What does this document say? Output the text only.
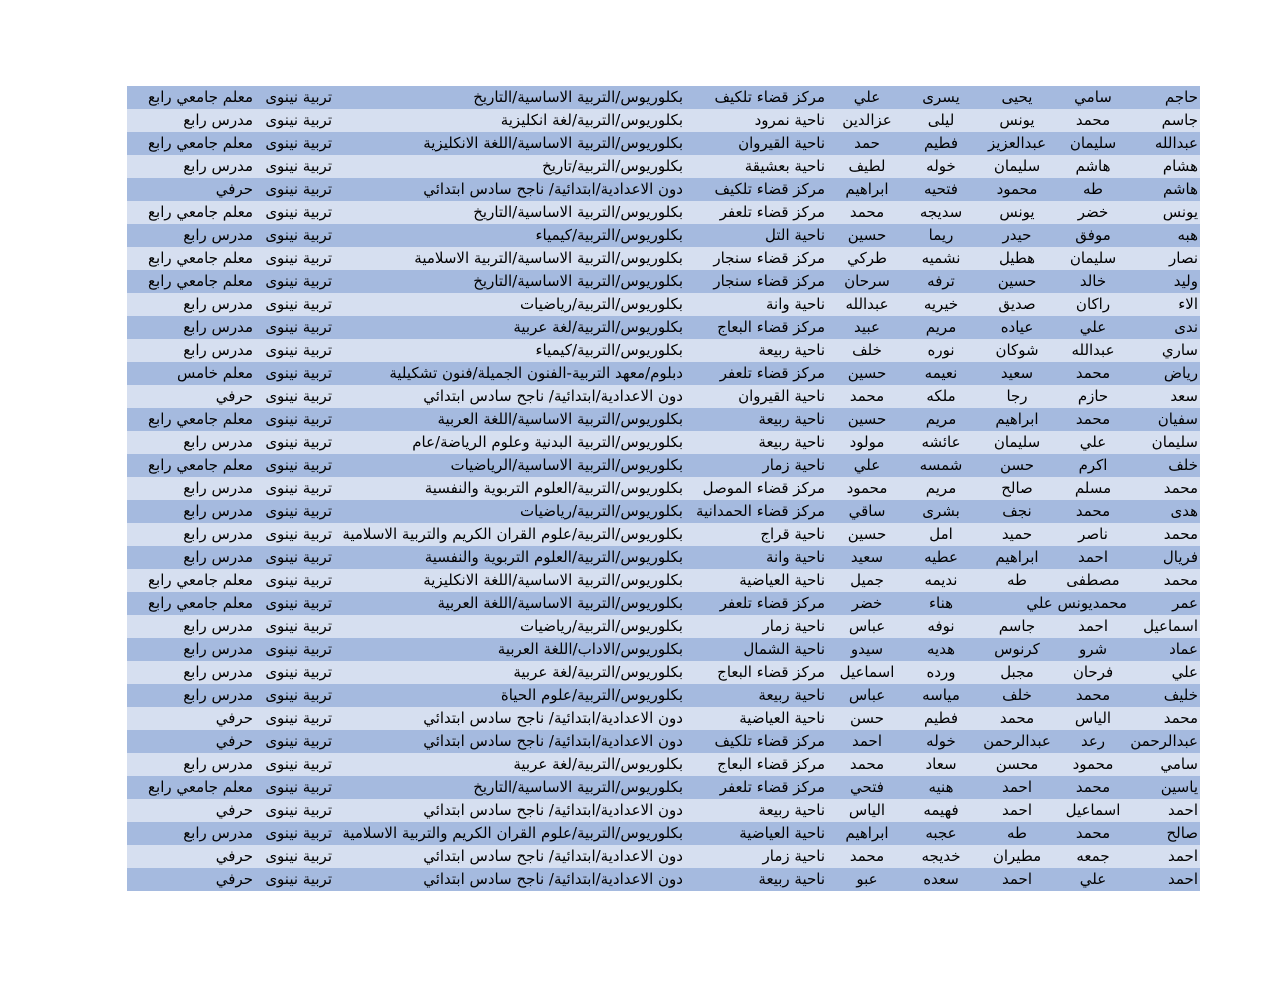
حاجم
سامي
يحيى
يسرى
علي
مركز قضاء تلكيف
بكلوريوس/التربية الاساسية/التاريخ
تربية نينوى
معلم جامعي رابع
جاسم
محمد
يونس
ليلى
عزالدين
ناحية نمرود
بكلوريوس/التربية/لغة انكليزية
تربية نينوى
مدرس رابع
عبدالله
سليمان
عبدالعزيز
فطيم
حمد
ناحية القيروان
بكلوريوس/التربية الاساسية/اللغة الانكليزية
تربية نينوى
معلم جامعي رابع
هشام
هاشم
سليمان
خوله
لطيف
ناحية بعشيقة
بكلوريوس/التربية/تاريخ
تربية نينوى
مدرس رابع
هاشم
طه
محمود
فتحيه
ابراهيم
مركز قضاء تلكيف
دون الاعدادية/ابتدائية/ ناجح سادس ابتدائي
تربية نينوى
حرفي
يونس
خضر
يونس
سديجه
محمد
مركز قضاء تلعفر
بكلوريوس/التربية الاساسية/التاريخ
تربية نينوى
معلم جامعي رابع
هبه
موفق
حيدر
ريما
حسين
ناحية التل
بكلوريوس/التربية/كيمياء
تربية نينوى
مدرس رابع
نصار
سليمان
هطيل
نشميه
طركي
مركز قضاء سنجار
بكلوريوس/التربية الاساسية/التربية الاسلامية
تربية نينوى
معلم جامعي رابع
وليد
خالد
حسين
ترفه
سرحان
مركز قضاء سنجار
بكلوريوس/التربية الاساسية/التاريخ
تربية نينوى
معلم جامعي رابع
الاء
راكان
صديق
خيريه
عبدالله
ناحية وانة
بكلوريوس/التربية/رياضيات
تربية نينوى
مدرس رابع
ندى
علي
عياده
مريم
عبيد
مركز قضاء البعاج
بكلوريوس/التربية/لغة عربية
تربية نينوى
مدرس رابع
ساري
عبدالله
شوكان
نوره
خلف
ناحية ربيعة
بكلوريوس/التربية/كيمياء
تربية نينوى
مدرس رابع
رياض
محمد
سعيد
نعيمه
حسين
مركز قضاء تلعفر
دبلوم/معهد التربية-الفنون الجميلة/فنون تشكيلية
تربية نينوى
معلم خامس
سعد
حازم
رجا
ملكه
محمد
ناحية القيروان
دون الاعدادية/ابتدائية/ ناجح سادس ابتدائي
تربية نينوى
حرفي
سفيان
محمد
ابراهيم
مريم
حسين
ناحية ربيعة
بكلوريوس/التربية الاساسية/اللغة العربية
تربية نينوى
معلم جامعي رابع
سليمان
علي
سليمان
عائشه
مولود
ناحية ربيعة
بكلوريوس/التربية البدنية وعلوم الرياضة/عام
تربية نينوى
مدرس رابع
خلف
اكرم
حسن
شمسه
علي
ناحية زمار
بكلوريوس/التربية الاساسية/الرياضيات
تربية نينوى
معلم جامعي رابع
محمد
مسلم
صالح
مريم
محمود
مركز قضاء الموصل
بكلوريوس/التربية/العلوم التربوية والنفسية
تربية نينوى
مدرس رابع
هدى
محمد
نجف
بشرى
ساقي
مركز قضاء الحمدانية
بكلوريوس/التربية/رياضيات
تربية نينوى
مدرس رابع
محمد
ناصر
حميد
امل
حسين
ناحية قراج
بكلوريوس/التربية/علوم القران الكريم والتربية الاسلامية
تربية نينوى
مدرس رابع
فريال
احمد
ابراهيم
عطيه
سعيد
ناحية وانة
بكلوريوس/التربية/العلوم التربوية والنفسية
تربية نينوى
مدرس رابع
محمد
مصطفى
طه
نديمه
جميل
ناحية العياضية
بكلوريوس/التربية الاساسية/اللغة الانكليزية
تربية نينوى
معلم جامعي رابع
عمر
محمديونس علي
هناء
خضر
مركز قضاء تلعفر
بكلوريوس/التربية الاساسية/اللغة العربية
تربية نينوى
معلم جامعي رابع
اسماعيل
احمد
جاسم
نوفه
عباس
ناحية زمار
بكلوريوس/التربية/رياضيات
تربية نينوى
مدرس رابع
عماد
شرو
كرنوس
هديه
سيدو
ناحية الشمال
بكلوريوس/الاداب/اللغة العربية
تربية نينوى
مدرس رابع
علي
فرحان
مجبل
ورده
اسماعيل
مركز قضاء البعاج
بكلوريوس/التربية/لغة عربية
تربية نينوى
مدرس رابع
خليف
محمد
خلف
مياسه
عباس
ناحية ربيعة
بكلوريوس/التربية/علوم الحياة
تربية نينوى
مدرس رابع
محمد
الياس
محمد
فطيم
حسن
ناحية العياضية
دون الاعدادية/ابتدائية/ ناجح سادس ابتدائي
تربية نينوى
حرفي
عبدالرحمن
رعد
عبدالرحمن
خوله
احمد
مركز قضاء تلكيف
دون الاعدادية/ابتدائية/ ناجح سادس ابتدائي
تربية نينوى
حرفي
سامي
محمود
محسن
سعاد
محمد
مركز قضاء البعاج
بكلوريوس/التربية/لغة عربية
تربية نينوى
مدرس رابع
ياسين
محمد
احمد
هنيه
فتحي
مركز قضاء تلعفر
بكلوريوس/التربية الاساسية/التاريخ
تربية نينوى
معلم جامعي رابع
احمد
اسماعيل
احمد
فهيمه
الياس
ناحية ربيعة
دون الاعدادية/ابتدائية/ ناجح سادس ابتدائي
تربية نينوى
حرفي
صالح
محمد
طه
عجبه
ابراهيم
ناحية العياضية
بكلوريوس/التربية/علوم القران الكريم والتربية الاسلامية
تربية نينوى
مدرس رابع
احمد
جمعه
مطيران
خديجه
محمد
ناحية زمار
دون الاعدادية/ابتدائية/ ناجح سادس ابتدائي
تربية نينوى
حرفي
احمد
علي
احمد
سعده
عبو
ناحية ربيعة
دون الاعدادية/ابتدائية/ ناجح سادس ابتدائي
تربية نينوى
حرفي
